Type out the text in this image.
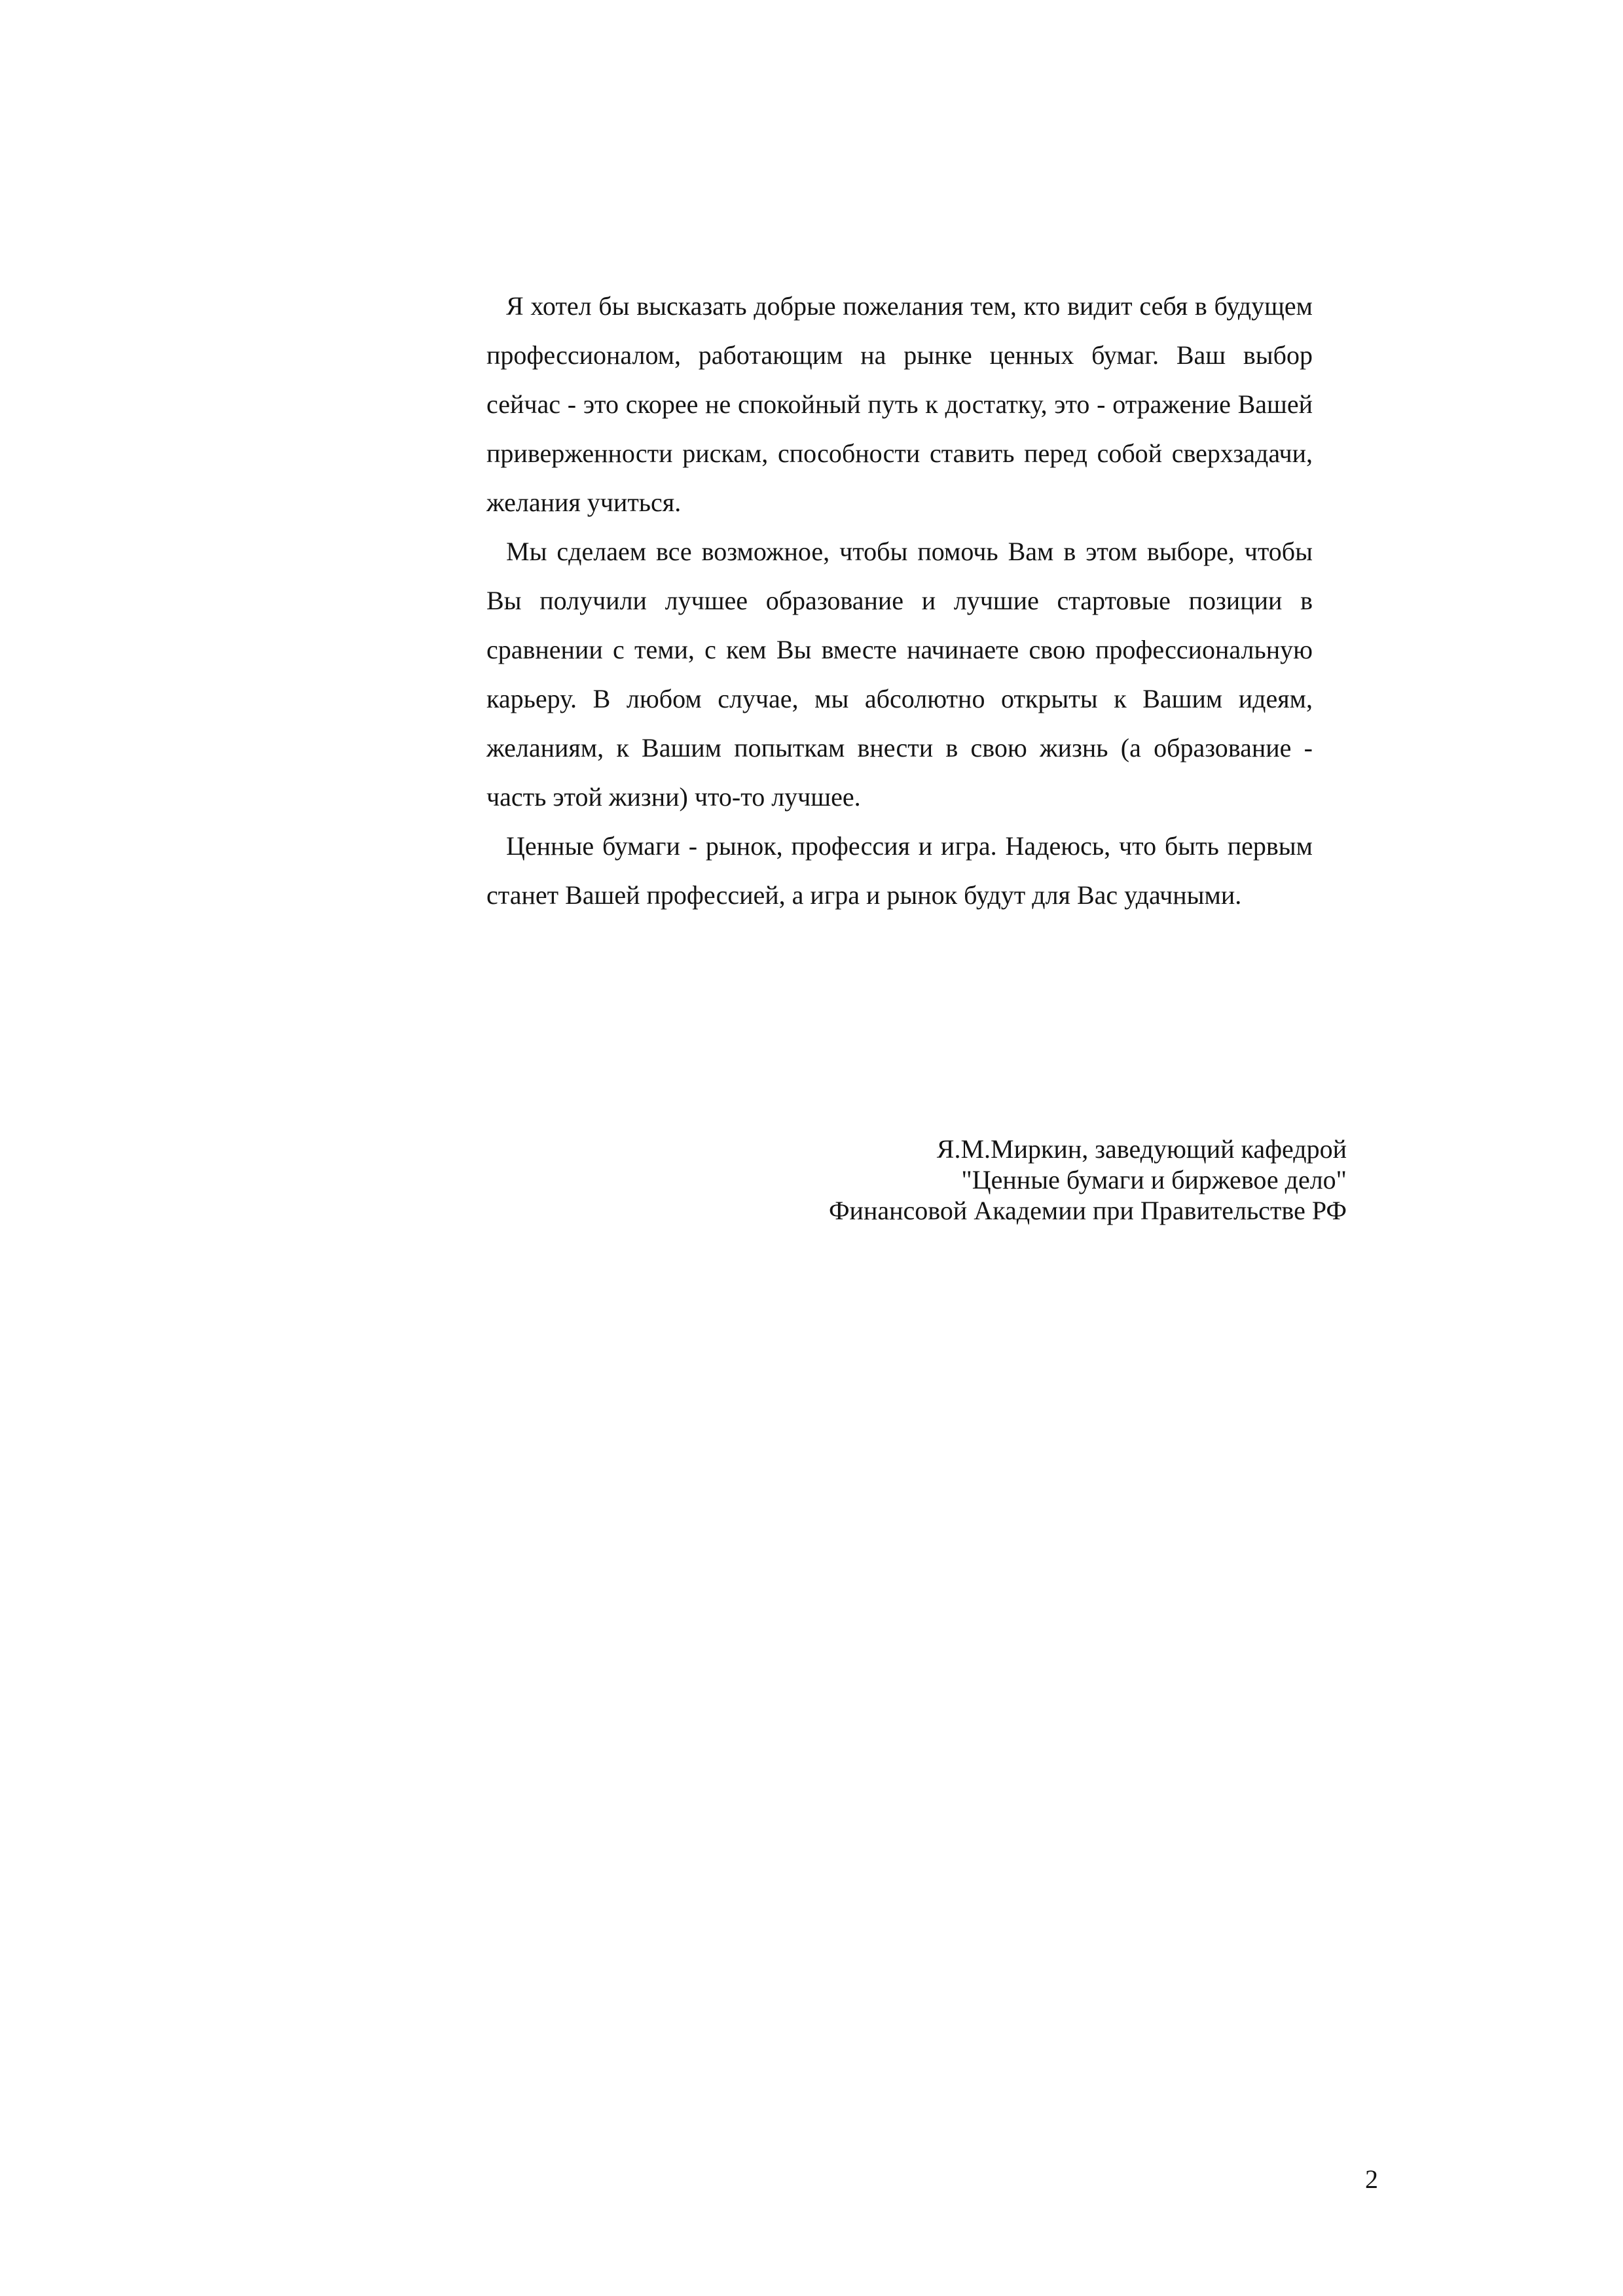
Я хотел бы высказать добрые пожелания тем, кто видит себя в будущем профессионалом, работающим на рынке ценных бумаг. Ваш выбор сейчас - это скорее не спокойный путь к достатку, это - отражение Вашей приверженности рискам, способности ставить перед собой сверхзадачи, желания учиться.

Мы сделаем все возможное, чтобы помочь Вам в этом выборе, чтобы Вы получили лучшее образование и лучшие стартовые позиции в сравнении с теми, с кем Вы вместе начинаете свою профессиональную карьеру. В любом случае, мы абсолютно открыты к Вашим идеям, желаниям, к Вашим попыткам внести в свою жизнь (а образование - часть этой жизни) что-то лучшее.

Ценные бумаги - рынок, профессия и игра. Надеюсь, что быть первым станет Вашей профессией, а игра и рынок будут для Вас удачными.

Я.М.Миркин, заведующий кафедрой
"Ценные бумаги и биржевое дело"
Финансовой Академии при Правительстве РФ
2
